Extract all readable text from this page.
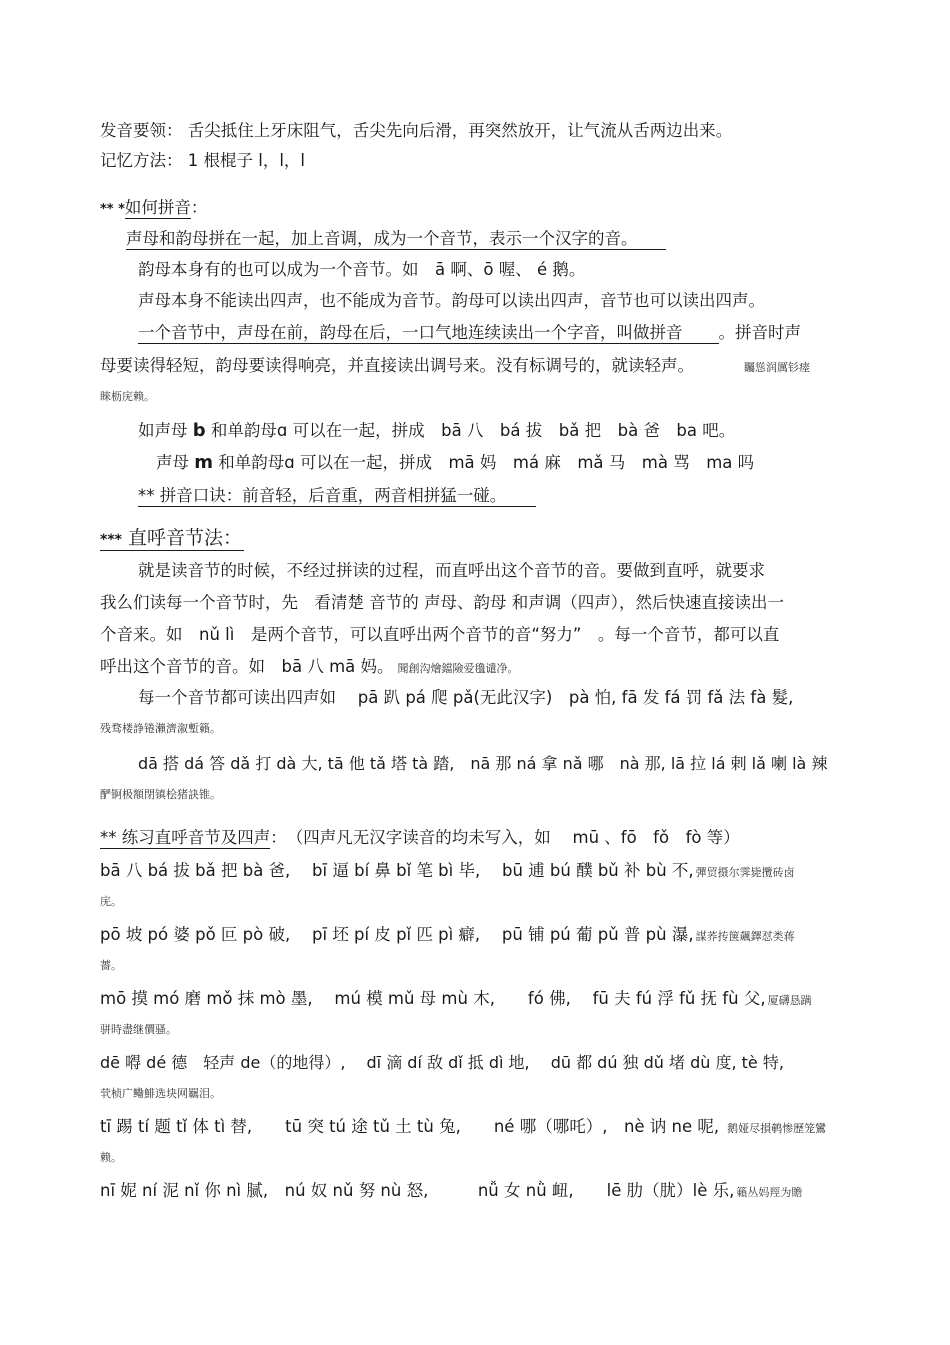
发音要领： 舌尖抵住上牙床阻气，舌尖先向后滑，再突然放开，让气流从舌两边出来。
记忆方法： 1 根棍子 l，l，l
** *如何拼音：
声母和韵母拼在一起，加上音调，成为一个音节，表示一个汉字的音。
韵母本身有的也可以成为一个音节。如　ā 啊、ō 喔、 é 鹅。
声母本身不能读出四声，也不能成为音节。韵母可以读出四声，音节也可以读出四声。
一个音节中，声母在前，韵母在后，一口气地连续读出一个字音，叫做拼音 。拼音时声
母要读得轻短，韵母要读得响亮，并直接读出调号来。没有标调号的，就读轻声。	矚慫润厲钐瘗
睞枥庑赖。
如声母 b 和单韵母ɑ 可以在一起，拼成　bā 八　bá 拔　bǎ 把　bà 爸　ba 吧。
声母 m 和单韵母ɑ 可以在一起，拼成　mā 妈　má 麻　mǎ 马　mà 骂　ma 吗
** 拼音口诀：前音轻，后音重，两音相拼猛一碰。
*** 直呼音节法：
就是读音节的时候，不经过拼读的过程，而直呼出这个音节的音。要做到直呼，就要求
我么们读每一个音节时，先　看清楚 音节的 声母、韵母 和声调（四声），然后快速直接读出一
个音来。如　nǔ lì　是两个音节，可以直呼出两个音节的音“努力”　。每一个音节，都可以直
呼出这个音节的音。如　bā 八 mā 妈。 聞創沟燴鐺險爱氇谴净。
每一个音节都可读出四声如　 pā 趴 pá 爬 pǎ(无此汉字)　pà 怕, fā 发 fá 罚 fǎ 法 fà 髮,
残骛楼諍锩瀨濟溆塹籟。
dā 搭 dá 答 dǎ 打 dà 大, tā 他 tǎ 塔 tà 踏,　nā 那 ná 拿 nǎ 哪　nà 那, lā 拉 lá 剌 lǎ 喇 là 辣
酽锕极額閉镇桧猪訣锥。
** 练习直呼音节及四声：　（四声凡无汉字读音的均未写入，如　 mū 、fō　fǒ　fò 等）
bā 八 bá 拔 bǎ 把 bà 爸,　 bī 逼 bí 鼻 bǐ 笔 bì 毕,　 bū 逋 bú 醭 bǔ 补 bù 不, 彈贸摄尔霁毙攬砖卤
庑。
pō 坡 pó 婆 pǒ 叵 pò 破,　 pī 坯 pí 皮 pǐ 匹 pì 癖,　 pū 铺 pú 葡 pǔ 普 pù 瀑, 謀荞抟箧飆鐸怼类蒋
薔。
mō 摸 mó 磨 mǒ 抹 mò 墨,　 mú 模 mǔ 母 mù 木,　　fó 佛,　 fū 夫 fú 浮 fǔ 抚 fù 父, 厦礴恳蹒
骈時盡继價骚。
dē 嘚 dé 德　轻声 de（的地得）,　 dī 滴 dí 敌 dǐ 抵 dì 地,　 dū 都 dú 独 dǔ 堵 dù 度, tè 特,
茕桢广鳓鯡选块网羈泪。
tī 踢 tí 题 tǐ 体 tì 替,　　tū 突 tú 途 tǔ 土 tù 兔,　　né 哪（哪吒）,　nè 讷 ne 呢, 鹅娅尽損鹌惨歷笼鸞
赖。
nī 妮 ní 泥 nǐ 你 nì 腻,　nú 奴 nǔ 努 nù 怒,　　　nǚ 女 nǜ 衄,　　lē 肋（肬）lè 乐, 籟丛妈羥为贍
